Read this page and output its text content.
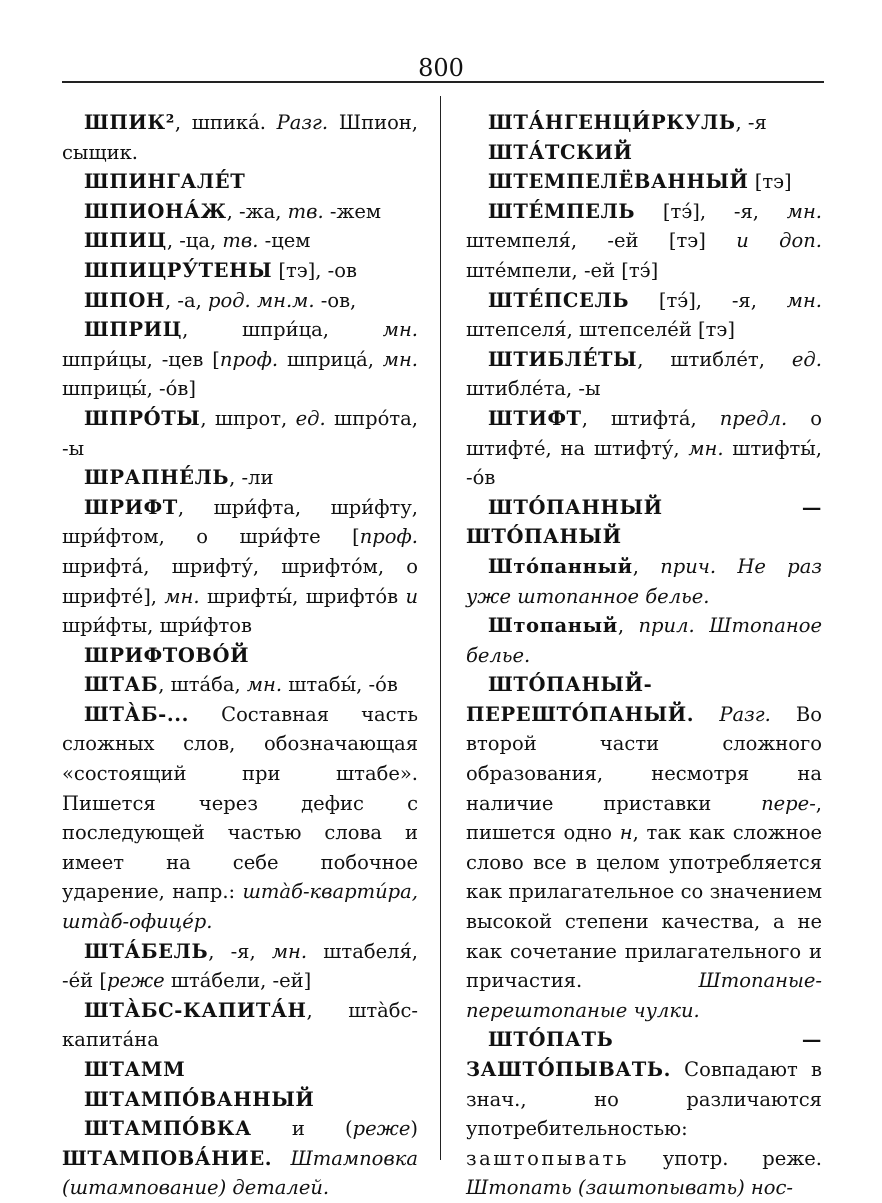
800
ШПИК², шпика́. Разг. Шпион, сыщик.
ШПИНГАЛЕ́Т
ШПИОНА́Ж, -жа, тв. -жем
ШПИЦ, -ца, тв. -цем
ШПИЦРУ́ТЕНЫ [тэ], -ов
ШПОН, -а, род. мн.м. -ов,
ШПРИЦ, шпри́ца, мн. шпри́цы, -цев [проф. шприца́, мн. шприцы́, -о́в]
ШПРО́ТЫ, шпрот, ед. шпро́та, -ы
ШРАПНЕ́ЛЬ, -ли
ШРИФТ, шри́фта, шри́фту, шри́фтом, о шри́фте [проф. шрифта́, шрифту́, шрифто́м, о шрифте́], мн. шрифты́, шрифто́в и шри́фты, шри́фтов
ШРИФТОВО́Й
ШТАБ, шта́ба, мн. штабы́, -о́в
ШТА̀Б-... Составная часть сложных слов, обозначающая «состоящий при штабе». Пишется через дефис с последующей частью слова и имеет на себе побочное ударение, напр.: шта̀б-кварти́ра, шта̀б-офице́р.
ШТА́БЕЛЬ, -я, мн. штабеля́, -е́й [реже шта́бели, -ей]
ШТА̀БС-КАПИТА́Н, шта̀бс-капита́на
ШТАММ
ШТАМПО́ВАННЫЙ
ШТАМПО́ВКА и (реже) ШТАМПОВА́НИЕ. Штамповка (штампование) деталей.
ШТА́НГЕНЦИ́РКУЛЬ, -я
ШТА́ТСКИЙ
ШТЕМПЕЛЁВАННЫЙ [тэ]
ШТЕ́МПЕЛЬ [тэ́], -я, мн. штемпеля́, -ей [тэ] и доп. ште́мпели, -ей [тэ́]
ШТЕ́ПСЕЛЬ [тэ́], -я, мн. штепселя́, штепселе́й [тэ]
ШТИБЛЕ́ТЫ, штибле́т, ед. штибле́та, -ы
ШТИФТ, штифта́, предл. о штифте́, на штифту́, мн. штифты́, -о́в
ШТО́ПАННЫЙ — ШТО́ПАНЫЙ
Што́панный, прич. Не раз уже штопанное белье.
Штопаный, прил. Штопаное белье.
ШТО́ПАНЫЙ-ПЕРЕШТО́ПАНЫЙ. Разг. Во второй части сложного образования, несмотря на наличие приставки пере-, пишется одно н, так как сложное слово все в целом употребляется как прилагательное со значением высокой степени качества, а не как сочетание прилагательного и причастия. Штопаные-перештопаные чулки.
ШТО́ПАТЬ — ЗАШТО́ПЫВАТЬ. Совпадают в знач., но различаются употребительностью: заштопывать употр. реже. Штопать (заштопывать) нос-
